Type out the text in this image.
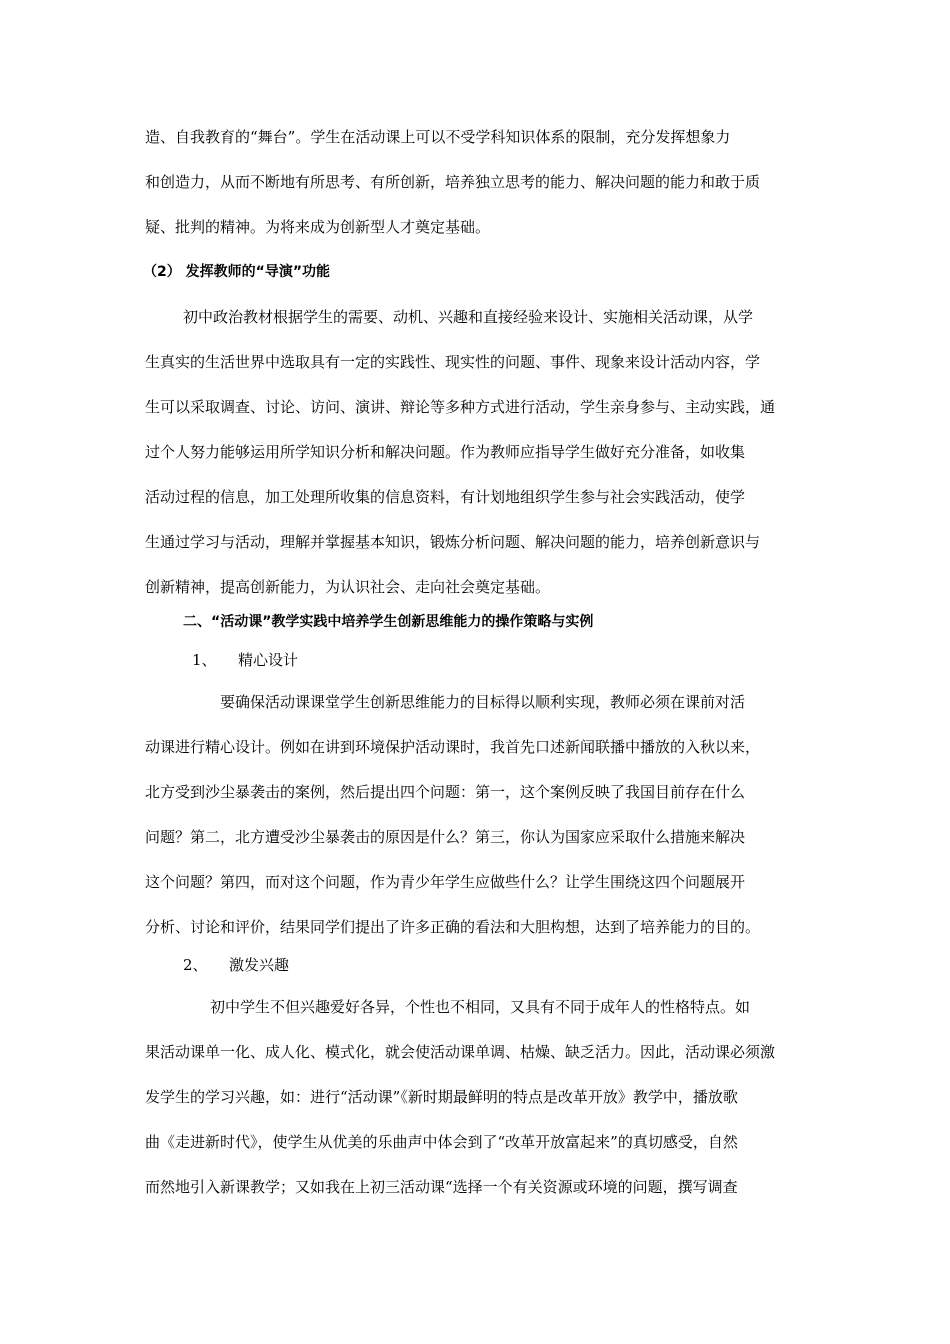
造、自我教育的“舞台”。学生在活动课上可以不受学科知识体系的限制，充分发挥想象力
和创造力，从而不断地有所思考、有所创新，培养独立思考的能力、解决问题的能力和敢于质
疑、批判的精神。为将来成为创新型人才奠定基础。
（2） 发挥教师的“导演”功能
初中政治教材根据学生的需要、动机、兴趣和直接经验来设计、实施相关活动课，从学
生真实的生活世界中选取具有一定的实践性、现实性的问题、事件、现象来设计活动内容，学
生可以采取调查、讨论、访问、演讲、辩论等多种方式进行活动，学生亲身参与、主动实践，通
过个人努力能够运用所学知识分析和解决问题。作为教师应指导学生做好充分准备，如收集
活动过程的信息，加工处理所收集的信息资料，有计划地组织学生参与社会实践活动，使学
生通过学习与活动，理解并掌握基本知识，锻炼分析问题、解决问题的能力，培养创新意识与
创新精神，提高创新能力，为认识社会、走向社会奠定基础。
二、“活动课”教学实践中培养学生创新思维能力的操作策略与实例
1、 精心设计
要确保活动课课堂学生创新思维能力的目标得以顺利实现，教师必须在课前对活
动课进行精心设计。例如在讲到环境保护活动课时，我首先口述新闻联播中播放的入秋以来，
北方受到沙尘暴袭击的案例，然后提出四个问题：第一，这个案例反映了我国目前存在什么
问题？第二，北方遭受沙尘暴袭击的原因是什么？第三，你认为国家应采取什么措施来解决
这个问题？第四，而对这个问题，作为青少年学生应做些什么？让学生围绕这四个问题展开
分析、讨论和评价，结果同学们提出了许多正确的看法和大胆构想，达到了培养能力的目的。
2、 激发兴趣
初中学生不但兴趣爱好各异，个性也不相同，又具有不同于成年人的性格特点。如
果活动课单一化、成人化、模式化，就会使活动课单调、枯燥、缺乏活力。因此，活动课必须激
发学生的学习兴趣，如：进行“活动课”《新时期最鲜明的特点是改革开放》教学中，播放歌
曲《走进新时代》，使学生从优美的乐曲声中体会到了“改革开放富起来”的真切感受，自然
而然地引入新课教学；又如我在上初三活动课“选择一个有关资源或环境的问题，撰写调查
